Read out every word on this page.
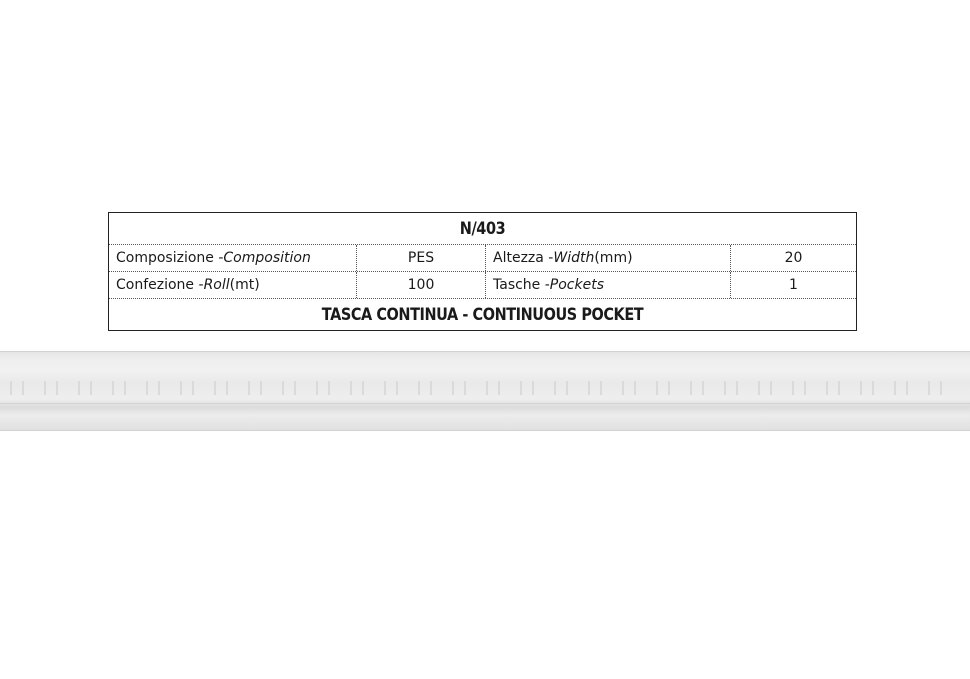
N/403
Composizione - Composition	PES	Altezza - Width (mm)	20
Confezione - Roll (mt)	100	Tasche - Pockets	1
TASCA CONTINUA - CONTINUOUS POCKET
